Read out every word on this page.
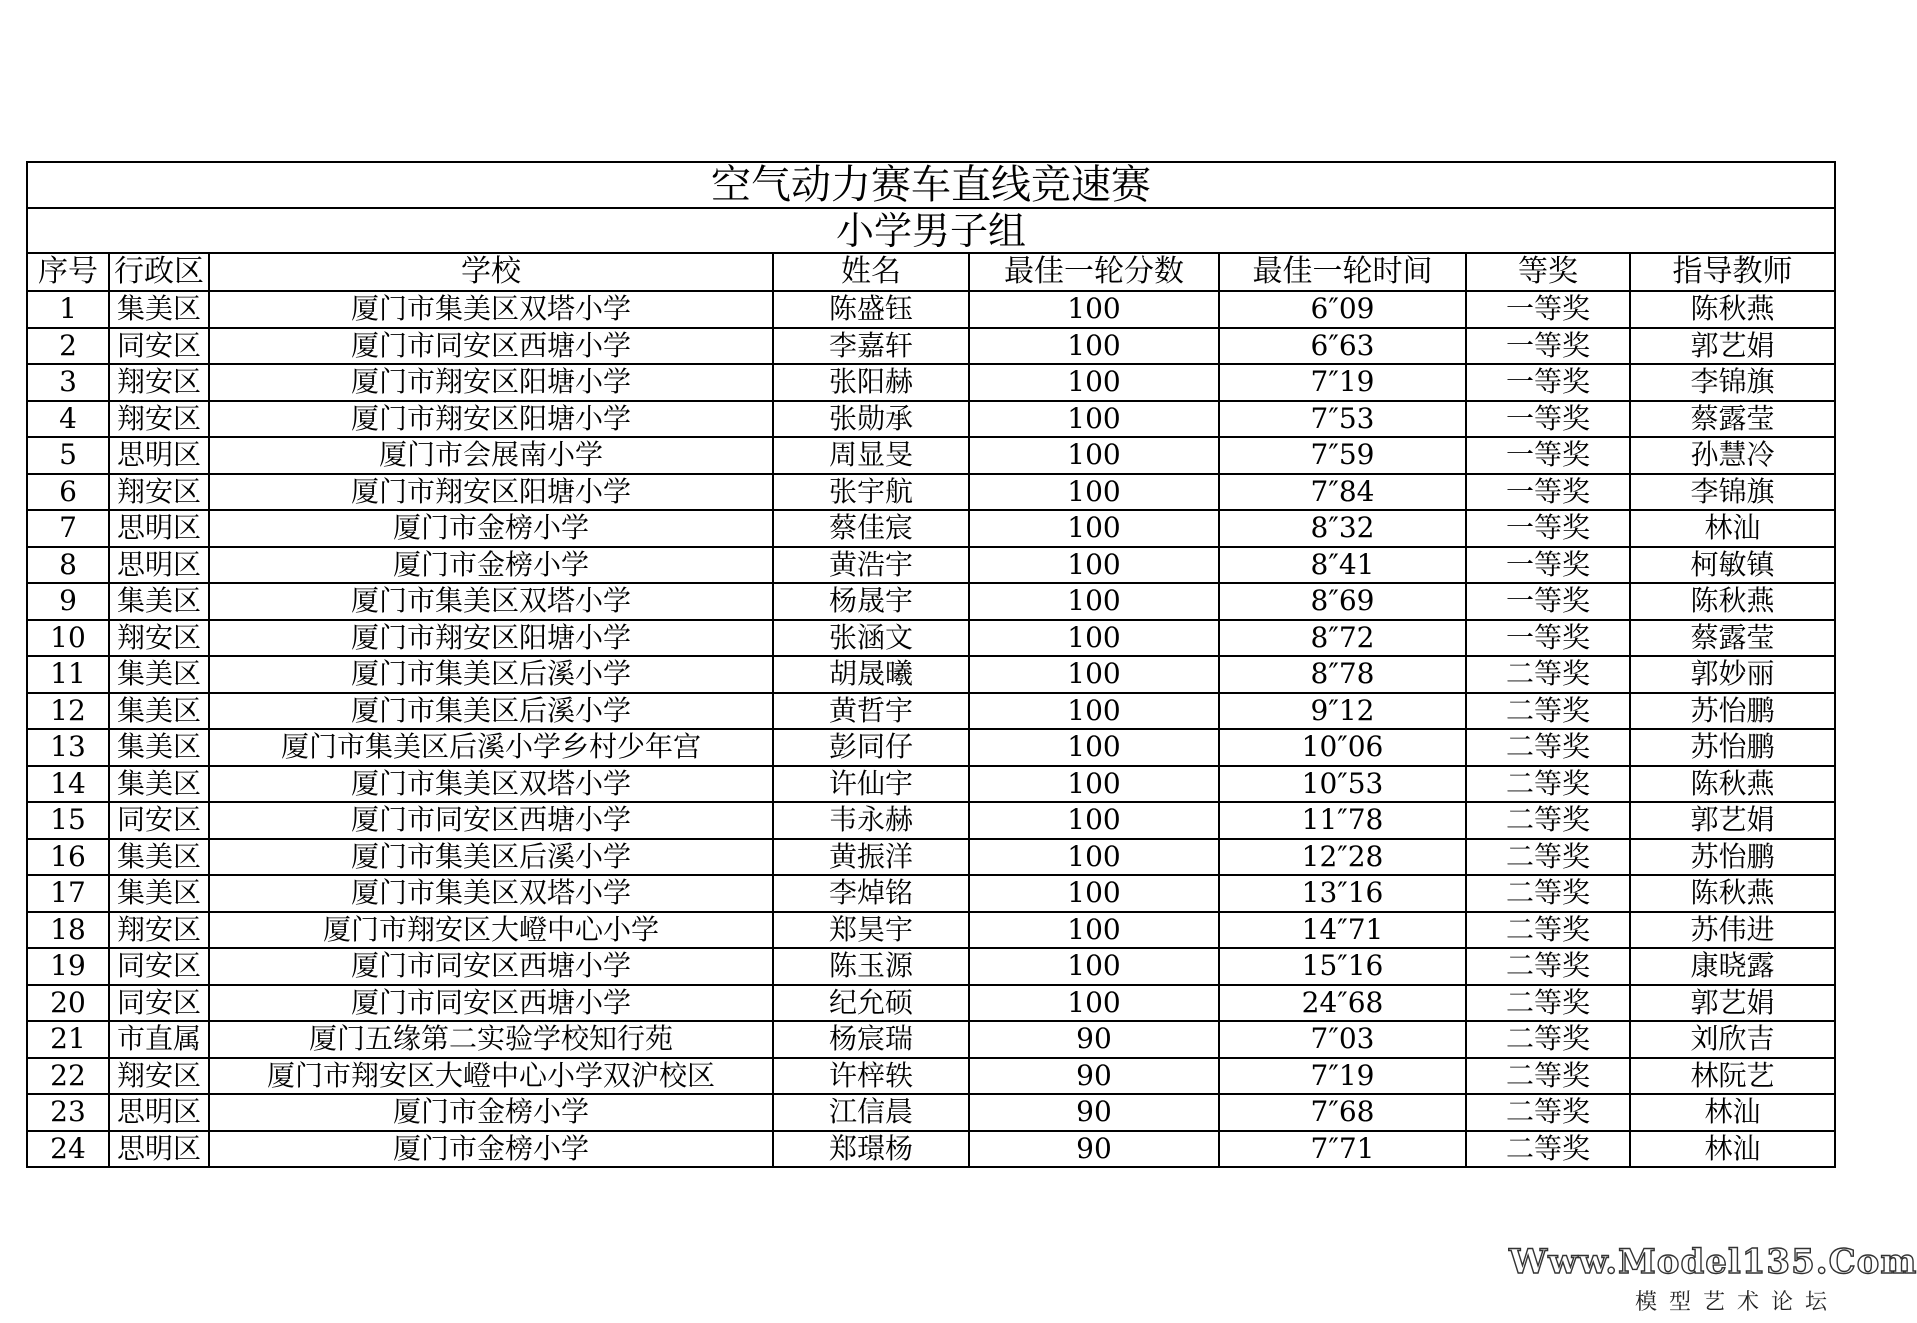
空气动力赛车直线竞速赛							
小学男子组							
序号	行政区	学校	姓名	最佳一轮分数	最佳一轮时间	等奖	指导教师
1	集美区	厦门市集美区双塔小学	陈盛钰	100	6″09	一等奖	陈秋燕
2	同安区	厦门市同安区西塘小学	李嘉轩	100	6″63	一等奖	郭艺娟
3	翔安区	厦门市翔安区阳塘小学	张阳赫	100	7″19	一等奖	李锦旗
4	翔安区	厦门市翔安区阳塘小学	张勋承	100	7″53	一等奖	蔡露莹
5	思明区	厦门市会展南小学	周显旻	100	7″59	一等奖	孙慧冷
6	翔安区	厦门市翔安区阳塘小学	张宇航	100	7″84	一等奖	李锦旗
7	思明区	厦门市金榜小学	蔡佳宸	100	8″32	一等奖	林汕
8	思明区	厦门市金榜小学	黄浩宇	100	8″41	一等奖	柯敏镇
9	集美区	厦门市集美区双塔小学	杨晟宇	100	8″69	一等奖	陈秋燕
10	翔安区	厦门市翔安区阳塘小学	张涵文	100	8″72	一等奖	蔡露莹
11	集美区	厦门市集美区后溪小学	胡晟曦	100	8″78	二等奖	郭妙丽
12	集美区	厦门市集美区后溪小学	黄哲宇	100	9″12	二等奖	苏怡鹏
13	集美区	厦门市集美区后溪小学乡村少年宫	彭同仔	100	10″06	二等奖	苏怡鹏
14	集美区	厦门市集美区双塔小学	许仙宇	100	10″53	二等奖	陈秋燕
15	同安区	厦门市同安区西塘小学	韦永赫	100	11″78	二等奖	郭艺娟
16	集美区	厦门市集美区后溪小学	黄振洋	100	12″28	二等奖	苏怡鹏
17	集美区	厦门市集美区双塔小学	李焯铭	100	13″16	二等奖	陈秋燕
18	翔安区	厦门市翔安区大嶝中心小学	郑昊宇	100	14″71	二等奖	苏伟进
19	同安区	厦门市同安区西塘小学	陈玉源	100	15″16	二等奖	康晓露
20	同安区	厦门市同安区西塘小学	纪允硕	100	24″68	二等奖	郭艺娟
21	市直属	厦门五缘第二实验学校知行苑	杨宸瑞	90	7″03	二等奖	刘欣吉
22	翔安区	厦门市翔安区大嶝中心小学双沪校区	许梓轶	90	7″19	二等奖	林阮艺
23	思明区	厦门市金榜小学	江信晨	90	7″68	二等奖	林汕
24	思明区	厦门市金榜小学	郑璟杨	90	7″71	二等奖	林汕
Www.Model135.Com
模型艺术论坛
